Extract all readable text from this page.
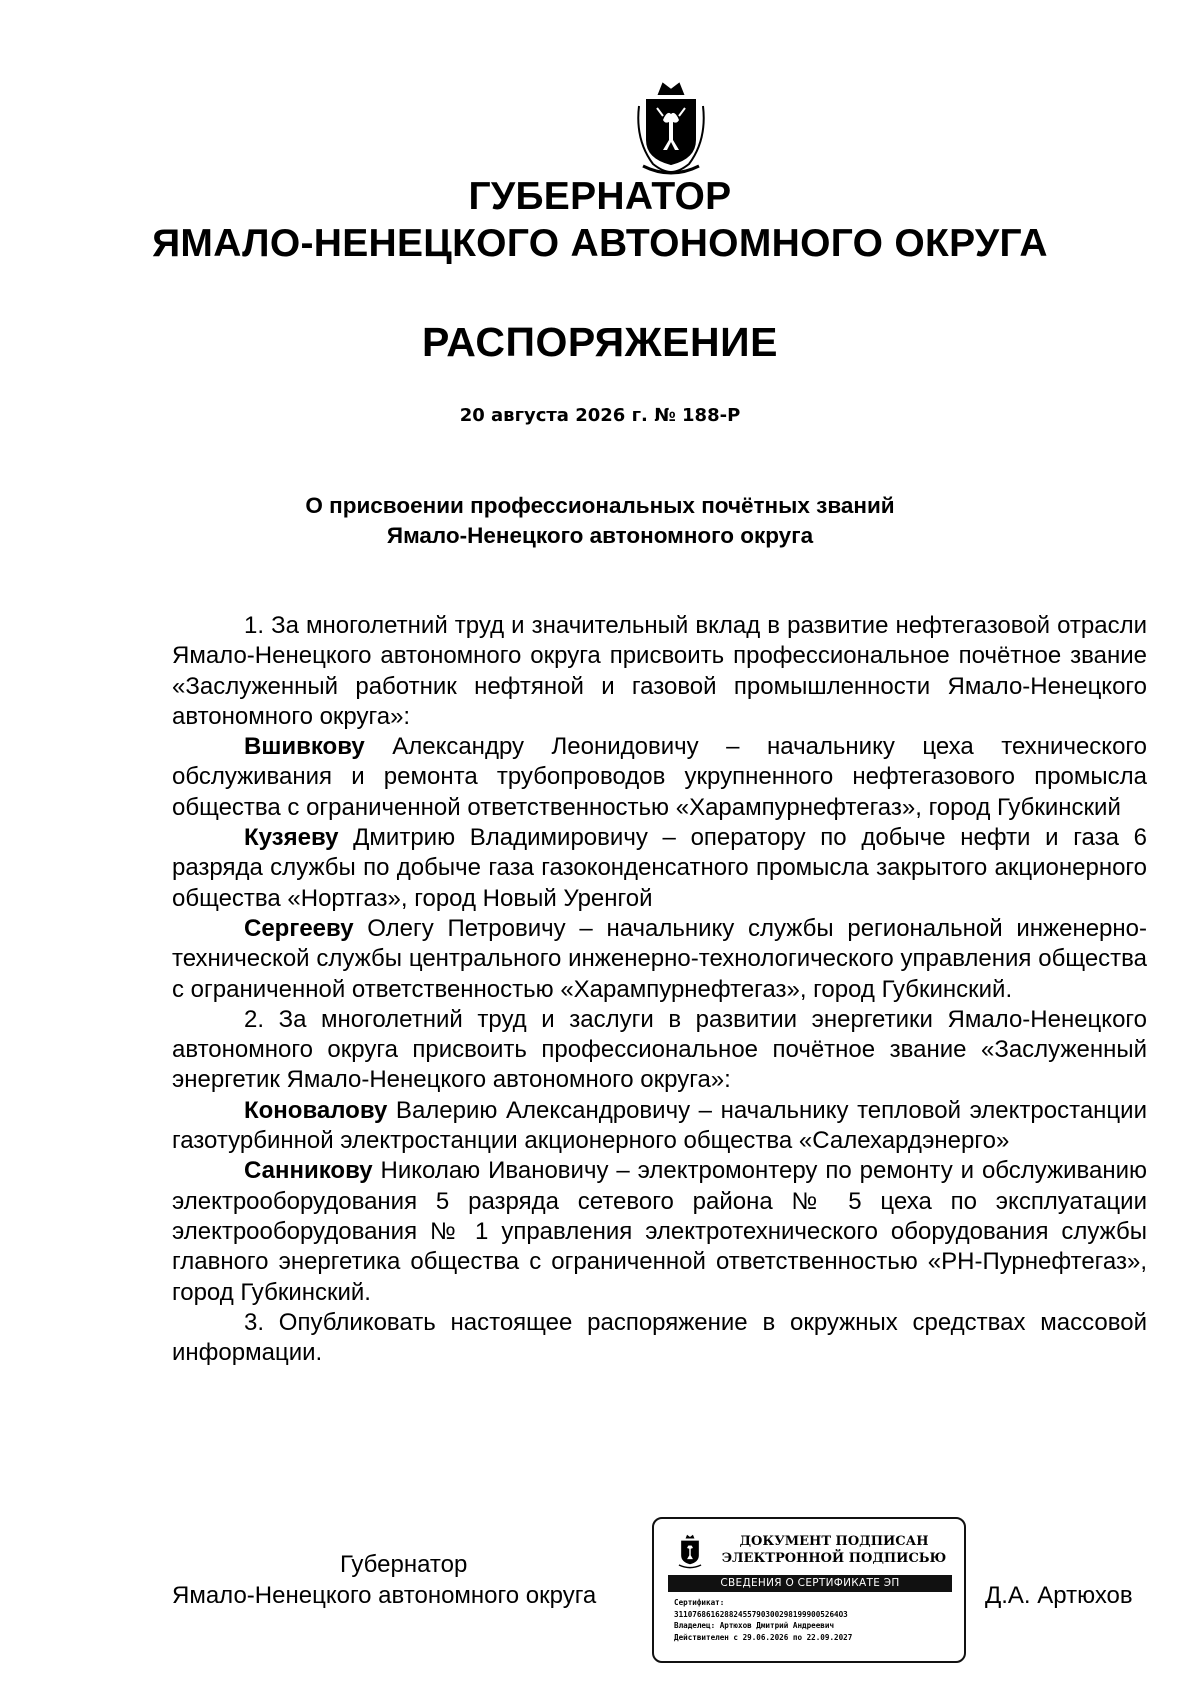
ГУБЕРНАТОР
ЯМАЛО-НЕНЕЦКОГО АВТОНОМНОГО ОКРУГА
РАСПОРЯЖЕНИЕ
20 августа 2026 г. № 188-Р
О присвоении профессиональных почётных званий
Ямало-Ненецкого автономного округа

1. За многолетний труд и значительный вклад в развитие нефтегазовой отрасли Ямало-Ненецкого автономного округа присвоить профессиональное почётное звание «Заслуженный работник нефтяной и газовой промышленности Ямало-Ненецкого автономного округа»:

Вшивкову Александру Леонидовичу – начальнику цеха технического обслуживания и ремонта трубопроводов укрупненного нефтегазового промысла общества с ограниченной ответственностью «Харампурнефтегаз», город Губкинский

Кузяеву Дмитрию Владимировичу – оператору по добыче нефти и газа 6 разряда службы по добыче газа газоконденсатного промысла закрытого акционерного общества «Нортгаз», город Новый Уренгой

Сергееву Олегу Петровичу – начальнику службы региональной инженерно-технической службы центрального инженерно-технологического управления общества с ограниченной ответственностью «Харампурнефтегаз», город Губкинский.

2. За многолетний труд и заслуги в развитии энергетики Ямало-Ненецкого автономного округа присвоить профессиональное почётное звание «Заслуженный энергетик Ямало-Ненецкого автономного округа»:

Коновалову Валерию Александровичу – начальнику тепловой электростанции газотурбинной электростанции акционерного общества «Салехардэнерго»

Санникову Николаю Ивановичу – электромонтеру по ремонту и обслуживанию электрооборудования 5 разряда сетевого района № 5 цеха по эксплуатации электрооборудования № 1 управления электротехнического оборудования службы главного энергетика общества с ограниченной ответственностью «РН-Пурнефтегаз», город Губкинский.

3. Опубликовать настоящее распоряжение в окружных средствах массовой информации.

Губернатор
Ямало-Ненецкого автономного округа	Д.А. Артюхов
ДОКУМЕНТ ПОДПИСАН
ЭЛЕКТРОННОЙ ПОДПИСЬЮ
СВЕДЕНИЯ О СЕРТИФИКАТЕ ЭП
Сертификат:
311076861628824557903002981999005264O3
Владелец: Артюхов Дмитрий Андреевич
Действителен с 29.06.2026 по 22.09.2027
